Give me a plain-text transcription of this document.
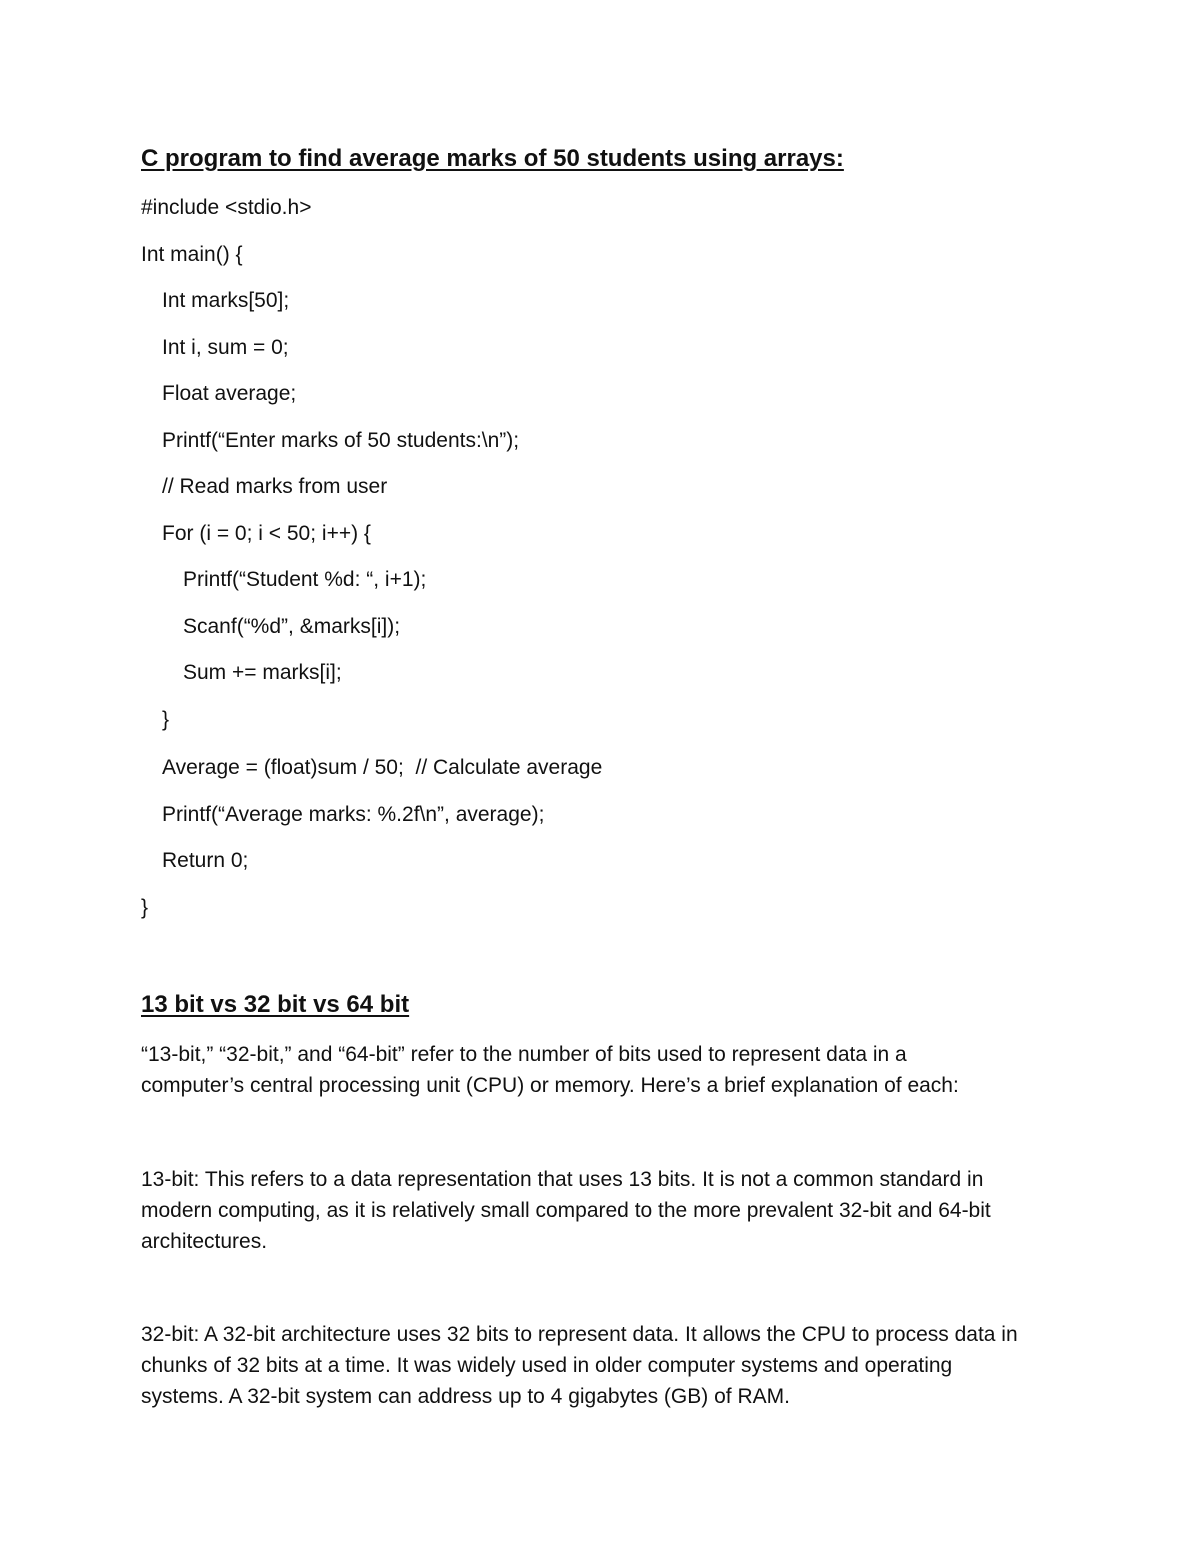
C program to find average marks of 50 students using arrays:

#include <stdio.h>

Int main() {

Int marks[50];

Int i, sum = 0;

Float average;

Printf(“Enter marks of 50 students:\n”);

// Read marks from user

For (i = 0; i < 50; i++) {

Printf(“Student %d: “, i+1);

Scanf(“%d”, &marks[i]);

Sum += marks[i];

}

Average = (float)sum / 50;  // Calculate average

Printf(“Average marks: %.2f\n”, average);

Return 0;

}

13 bit vs 32 bit vs 64 bit
“13-bit,” “32-bit,” and “64-bit” refer to the number of bits used to represent data in a
computer’s central processing unit (CPU) or memory. Here’s a brief explanation of each:
13-bit: This refers to a data representation that uses 13 bits. It is not a common standard in
modern computing, as it is relatively small compared to the more prevalent 32-bit and 64-bit
architectures.
32-bit: A 32-bit architecture uses 32 bits to represent data. It allows the CPU to process data in
chunks of 32 bits at a time. It was widely used in older computer systems and operating
systems. A 32-bit system can address up to 4 gigabytes (GB) of RAM.
